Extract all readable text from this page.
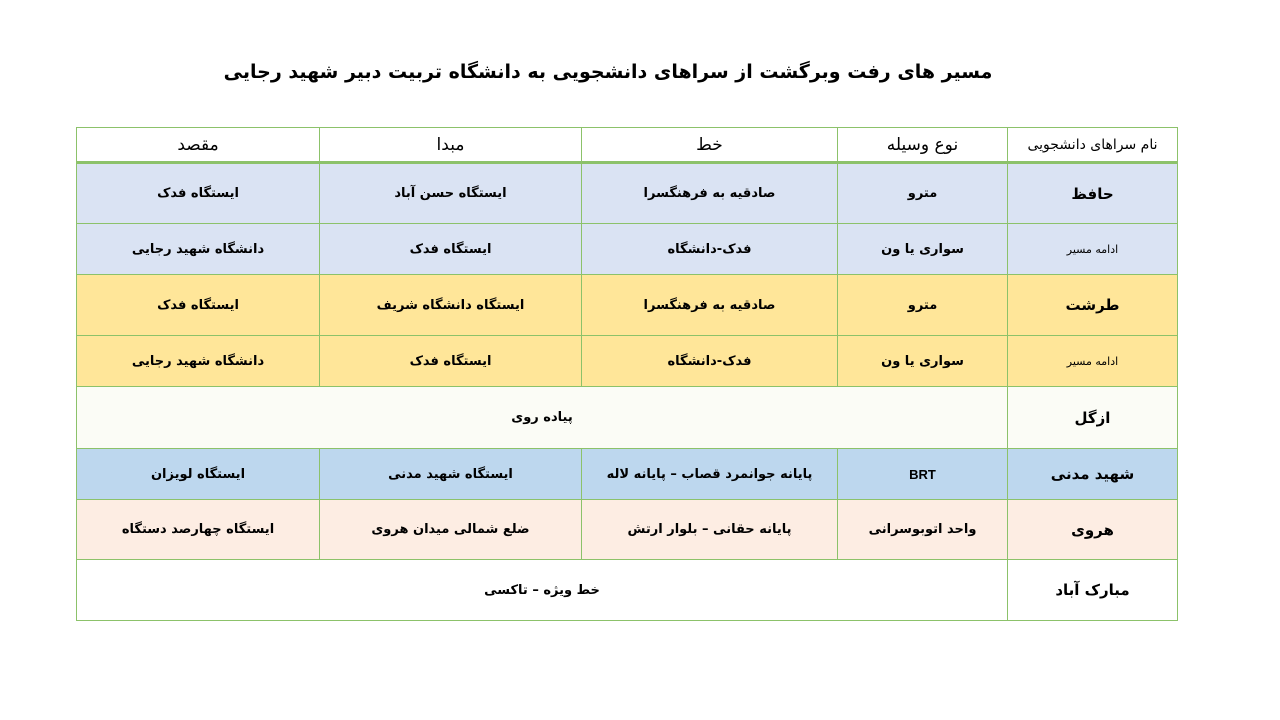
مسیر های رفت وبرگشت از سراهای دانشجویی به دانشگاه تربیت دبیر شهید رجایی
نام سراهای دانشجویی	نوع وسیله	خط	مبدا	مقصد
حافظ	مترو	صادقیه به فرهنگسرا	ایستگاه حسن آباد	ایستگاه فدک
ادامه مسیر	سواری یا ون	فدک-دانشگاه	ایستگاه فدک	دانشگاه شهید رجایی
طرشت	مترو	صادقیه به فرهنگسرا	ایستگاه دانشگاه شریف	ایستگاه فدک
ادامه مسیر	سواری یا ون	فدک-دانشگاه	ایستگاه فدک	دانشگاه شهید رجایی
ازگل	پیاده روی			
شهید مدنی	BRT	پایانه جوانمرد قصاب – پایانه لاله	ایستگاه شهید مدنی	ایستگاه لویزان
هروی	واحد اتوبوسرانی	پایانه حقانی – بلوار ارتش	ضلع شمالی میدان هروی	ایستگاه چهارصد دستگاه
مبارک آباد	خط ویژه – تاکسی			
